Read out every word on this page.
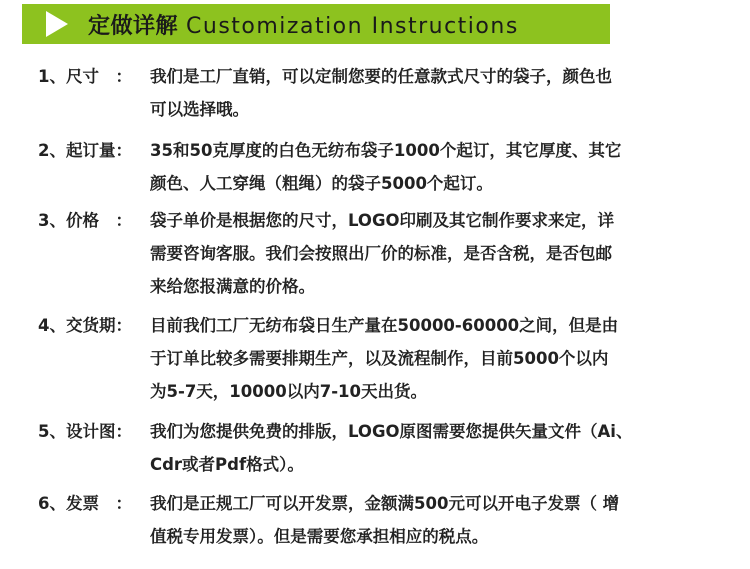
定做详解 Customization Instructions
1、尺寸　： 我们是工厂直销，可以定制您要的任意款式尺寸的袋子，颜色也
可以选择哦。
2、起订量： 35和50克厚度的白色无纺布袋子1000个起订，其它厚度、其它
颜色、人工穿绳（粗绳）的袋子5000个起订。
3、价格　： 袋子单价是根据您的尺寸，LOGO印刷及其它制作要求来定，详
需要咨询客服。我们会按照出厂价的标准，是否含税，是否包邮
来给您报满意的价格。
4、交货期： 目前我们工厂无纺布袋日生产量在50000-60000之间，但是由
于订单比较多需要排期生产，以及流程制作，目前5000个以内
为5-7天，10000以内7-10天出货。
5、设计图： 我们为您提供免费的排版，LOGO原图需要您提供矢量文件（Ai、
Cdr或者Pdf格式）。
6、发票　： 我们是正规工厂可以开发票，金额满500元可以开电子发票（ 增
值税专用发票）。但是需要您承担相应的税点。
